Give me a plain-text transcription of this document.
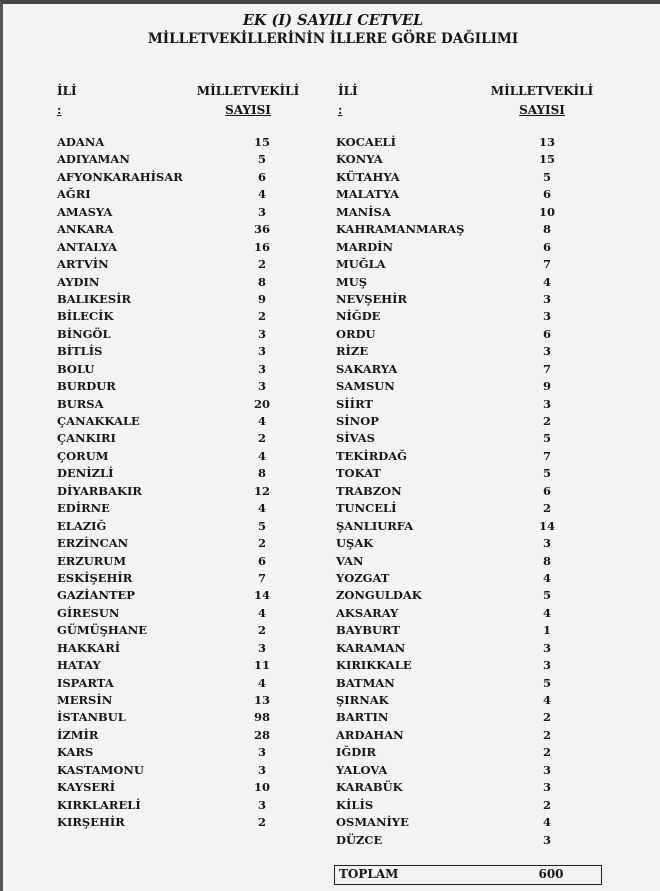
EK (I) SAYILI CETVEL
MİLLETVEKİLLERİNİN İLLERE GÖRE DAĞILIMI
İLİ
:
MİLLETVEKİLİ
SAYISI
İLİ
:
MİLLETVEKİLİ
SAYISI
ADANA	15
ADIYAMAN	5
AFYONKARAHİSAR	6
AĞRI	4
AMASYA	3
ANKARA	36
ANTALYA	16
ARTVİN	2
AYDIN	8
BALIKESİR	9
BİLECİK	2
BİNGÖL	3
BİTLİS	3
BOLU	3
BURDUR	3
BURSA	20
ÇANAKKALE	4
ÇANKIRI	2
ÇORUM	4
DENİZLİ	8
DİYARBAKIR	12
EDİRNE	4
ELAZIĞ	5
ERZİNCAN	2
ERZURUM	6
ESKİŞEHİR	7
GAZİANTEP	14
GİRESUN	4
GÜMÜŞHANE	2
HAKKARİ	3
HATAY	11
ISPARTA	4
MERSİN	13
İSTANBUL	98
İZMİR	28
KARS	3
KASTAMONU	3
KAYSERİ	10
KIRKLARELİ	3
KIRŞEHİR	2
KOCAELİ	13
KONYA	15
KÜTAHYA	5
MALATYA	6
MANİSA	10
KAHRAMANMARAŞ	8
MARDİN	6
MUĞLA	7
MUŞ	4
NEVŞEHİR	3
NİĞDE	3
ORDU	6
RİZE	3
SAKARYA	7
SAMSUN	9
SİİRT	3
SİNOP	2
SİVAS	5
TEKİRDAĞ	7
TOKAT	5
TRABZON	6
TUNCELİ	2
ŞANLIURFA	14
UŞAK	3
VAN	8
YOZGAT	4
ZONGULDAK	5
AKSARAY	4
BAYBURT	1
KARAMAN	3
KIRIKKALE	3
BATMAN	5
ŞIRNAK	4
BARTIN	2
ARDAHAN	2
IĞDIR	2
YALOVA	3
KARABÜK	3
KİLİS	2
OSMANİYE	4
DÜZCE	3
TOPLAM	600
